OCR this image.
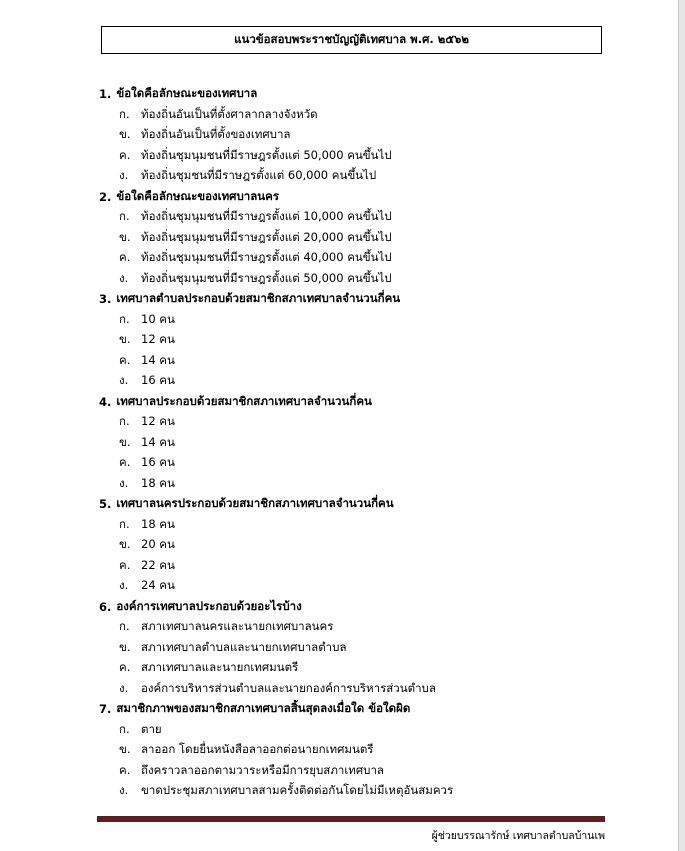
แนวข้อสอบพระราชบัญญัติเทศบาล พ.ศ. ๒๕๖๒
1. ข้อใดคือลักษณะของเทศบาล
ก. ท้องถิ่นอันเป็นที่ตั้งศาลากลางจังหวัด
ข. ท้องถิ่นอันเป็นที่ตั้งของเทศบาล
ค. ท้องถิ่นชุมนุมชนที่มีราษฎรตั้งแต่ 50,000 คนขึ้นไป
ง.	ท้องถิ่นชุมชนที่มีราษฎรตั้งแต่ 60,000 คนขึ้นไป
2. ข้อใดคือลักษณะของเทศบาลนคร
ก. ท้องถิ่นชุมนุมชนที่มีราษฎรตั้งแต่ 10,000 คนขึ้นไป
ข. ท้องถิ่นชุมนุมชนที่มีราษฎรตั้งแต่ 20,000 คนขึ้นไป
ค. ท้องถิ่นชุมนุมชนที่มีราษฎรตั้งแต่ 40,000 คนขึ้นไป
ง.	ท้องถิ่นชุมนุมชนที่มีราษฎรตั้งแต่ 50,000 คนขึ้นไป
3. เทศบาลตำบลประกอบด้วยสมาชิกสภาเทศบาลจำนวนกี่คน
ก. 10 คน
ข. 12 คน
ค. 14 คน
ง.	16 คน
4. เทศบาลประกอบด้วยสมาชิกสภาเทศบาลจำนวนกี่คน
ก. 12 คน
ข. 14 คน
ค. 16 คน
ง.	18 คน
5. เทศบาลนครประกอบด้วยสมาชิกสภาเทศบาลจำนวนกี่คน
ก. 18 คน
ข. 20 คน
ค. 22 คน
ง.	24 คน
6. องค์การเทศบาลประกอบด้วยอะไรบ้าง
ก. สภาเทศบาลนครและนายกเทศบาลนคร
ข. สภาเทศบาลตำบลและนายกเทศบาลตำบล
ค. สภาเทศบาลและนายกเทศมนตรี
ง.	องค์การบริหารส่วนตำบลและนายกองค์การบริหารส่วนตำบล
7. สมาชิกภาพของสมาชิกสภาเทศบาลสิ้นสุดลงเมื่อใด ข้อใดผิด
ก. ตาย
ข. ลาออก โดยยื่นหนังสือลาออกต่อนายกเทศมนตรี
ค. ถึงคราวลาออกตามวาระหรือมีการยุบสภาเทศบาล
ง.	ขาดประชุมสภาเทศบาลสามครั้งติดต่อกันโดยไม่มีเหตุอันสมควร
ผู้ช่วยบรรณารักษ์ เทศบาลตำบลบ้านเพ
